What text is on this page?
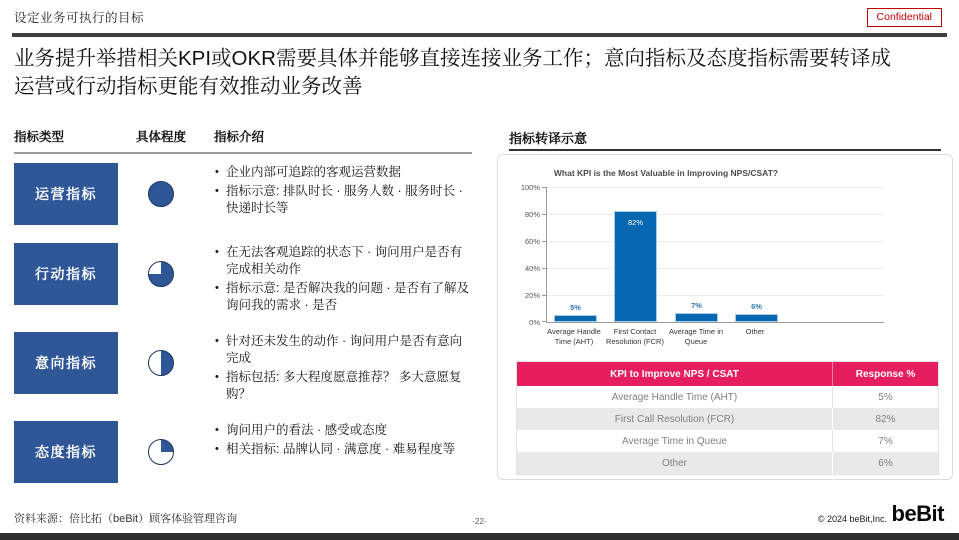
设定业务可执行的目标	Confidential
业务提升举措相关KPI或OKR需要具体并能够直接连接业务工作；意向指标及态度指标需要转译成
运营或行动指标更能有效推动业务改善
指标类型	具体程度	指标介绍
运营指标
• 企业内部可追踪的客观运营数据
• 指标示意: 排队时长 · 服务人数 · 服务时长 · 快递时长等
行动指标
• 在无法客观追踪的状态下 · 询问用户是否有完成相关动作
• 指标示意: 是否解决我的问题 · 是否有了解及询问我的需求 · 是否
意向指标
• 针对还未发生的动作 · 询问用户是否有意向完成
• 指标包括: 多大程度愿意推荐？ 多大意愿复购？
态度指标
• 询问用户的看法 · 感受或态度
• 相关指标: 品牌认同 · 满意度 · 难易程度等
指标转译示意
What KPI is the Most Valuable in Improving NPS/CSAT?
100%
80%
60%
40%
20%
0%
5%
82%
7%	6%
Average Handle Time (AHT)
First Contact Resolution (FCR)
Average Time in Queue
Other
KPI to Improve NPS / CSAT	Response %
Average Handle Time (AHT)	5%
First Call Resolution (FCR)	82%
Average Time in Queue	7%
Other	6%
资料来源：倍比拓（beBit）顾客体验管理咨询	-22-	© 2024 beBit,Inc. beBit
